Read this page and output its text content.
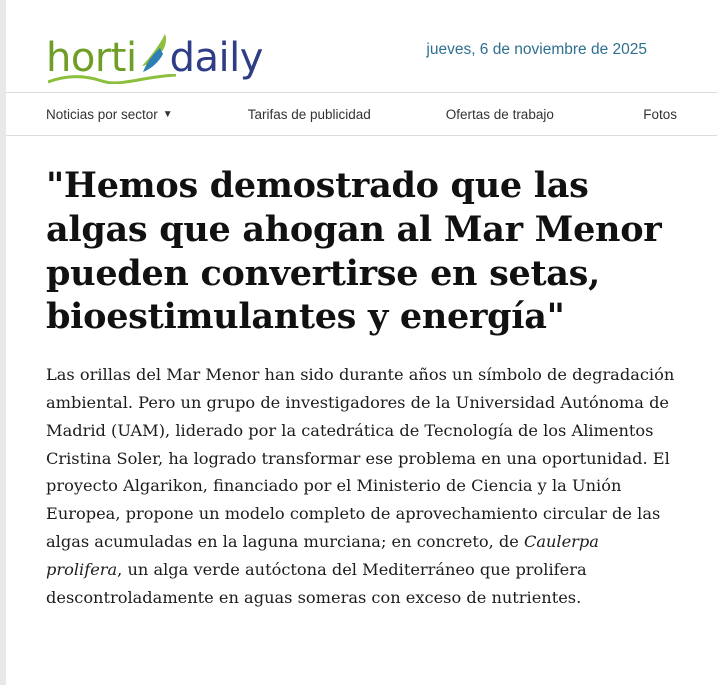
horti daily	jueves, 6 de noviembre de 2025
Noticias por sector ▼	Tarifas de publicidad	Ofertas de trabajo	Fotos
"Hemos demostrado que las algas que ahogan al Mar Menor pueden convertirse en setas, bioestimulantes y energía"

Las orillas del Mar Menor han sido durante años un símbolo de degradación ambiental. Pero un grupo de investigadores de la Universidad Autónoma de Madrid (UAM), liderado por la catedrática de Tecnología de los Alimentos Cristina Soler, ha logrado transformar ese problema en una oportunidad. El proyecto Algarikon, financiado por el Ministerio de Ciencia y la Unión Europea, propone un modelo completo de aprovechamiento circular de las algas acumuladas en la laguna murciana; en concreto, de Caulerpa prolifera, un alga verde autóctona del Mediterráneo que prolifera descontroladamente en aguas someras con exceso de nutrientes.
